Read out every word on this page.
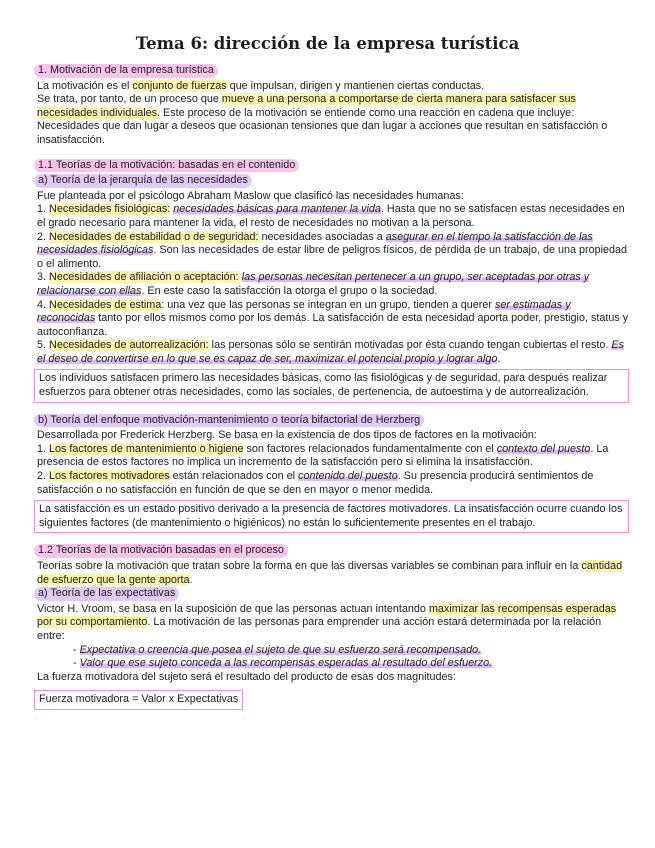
Tema 6: dirección de la empresa turística
1. Motivación de la empresa turística
La motivación es el conjunto de fuerzas que impulsan, dirigen y mantienen ciertas conductas.
Se trata, por tanto, de un proceso que mueve a una persona a comportarse de cierta manera para satisfacer sus necesidades individuales. Este proceso de la motivación se entiende como una reacción en cadena que incluye: Necesidades que dan lugar a deseos que ocasionan tensiones que dan lugar a acciones que resultan en satisfacción o insatisfacción.
1.1 Teorías de la motivación: basadas en el contenido
a) Teoría de la jerarquía de las necesidades
Fue planteada por el psicólogo Abraham Maslow que clasificó las necesidades humanas:
1. Necesidades fisiológicas: necesidades básicas para mantener la vida. Hasta que no se satisfacen estas necesidades en el grado necesario para mantener la vida, el resto de necesidades no motivan a la persona.
2. Necesidades de estabilidad o de seguridad: necesidades asociadas a asegurar en el tiempo la satisfacción de las necesidades fisiológicas. Son las necesidades de estar libre de peligros físicos, de pérdida de un trabajo, de una propiedad o el alimento.
3. Necesidades de afiliación o aceptación: las personas necesitan pertenecer a un grupo, ser aceptadas por otras y relacionarse con ellas. En este caso la satisfacción la otorga el grupo o la sociedad.
4. Necesidades de estima: una vez que las personas se integran en un grupo, tienden a querer ser estimadas y reconocidas tanto por ellos mismos como por los demás. La satisfacción de esta necesidad aporta poder, prestigio, status y autoconfianza.
5. Necesidades de autorrealización: las personas sólo se sentirán motivadas por ésta cuando tengan cubiertas el resto. Es el deseo de convertirse en lo que se es capaz de ser, maximizar el potencial propio y lograr algo.
Los individuos satisfacen primero las necesidades básicas, como las fisiológicas y de seguridad, para después realizar esfuerzos para obtener otras necesidades, como las sociales, de pertenencia, de autoestima y de autorrealización.
b) Teoría del enfoque motivación-mantenimiento o teoría bifactorial de Herzberg
Desarrollada por Frederick Herzberg. Se basa en la existencia de dos tipos de factores en la motivación:
1. Los factores de mantenimiento o higiene son factores relacionados fundamentalmente con el contexto del puesto. La presencia de estos factores no implica un incremento de la satisfacción pero si elimina la insatisfacción.
2. Los factores motivadores están relacionados con el contenido del puesto. Su presencia producirá sentimientos de satisfacción o no satisfacción en función de que se den en mayor o menor medida.
La satisfacción es un estado positivo derivado a la presencia de factores motivadores. La insatisfacción ocurre cuando los siguientes factores (de mantenimiento o higiénicos) no están lo suficientemente presentes en el trabajo.
1.2 Teorías de la motivación basadas en el proceso
Teorías sobre la motivación que tratan sobre la forma en que las diversas variables se combinan para influir en la cantidad de esfuerzo que la gente aporta.
a) Teoría de las expectativas
Victor H. Vroom, se basa en la suposición de que las personas actuan intentando maximizar las recompensas esperadas por su comportamiento. La motivación de las personas para emprender una acción estará determinada por la relación entre:
- Expectativa o creencia que posea el sujeto de que su esfuerzo será recompensado.
- Valor que ese sujeto conceda a las recompensas esperadas al resultado del esfuerzo.
La fuerza motivadora del sujeto será el resultado del producto de esas dos magnitudes:
Fuerza motivadora = Valor x Expectativas
